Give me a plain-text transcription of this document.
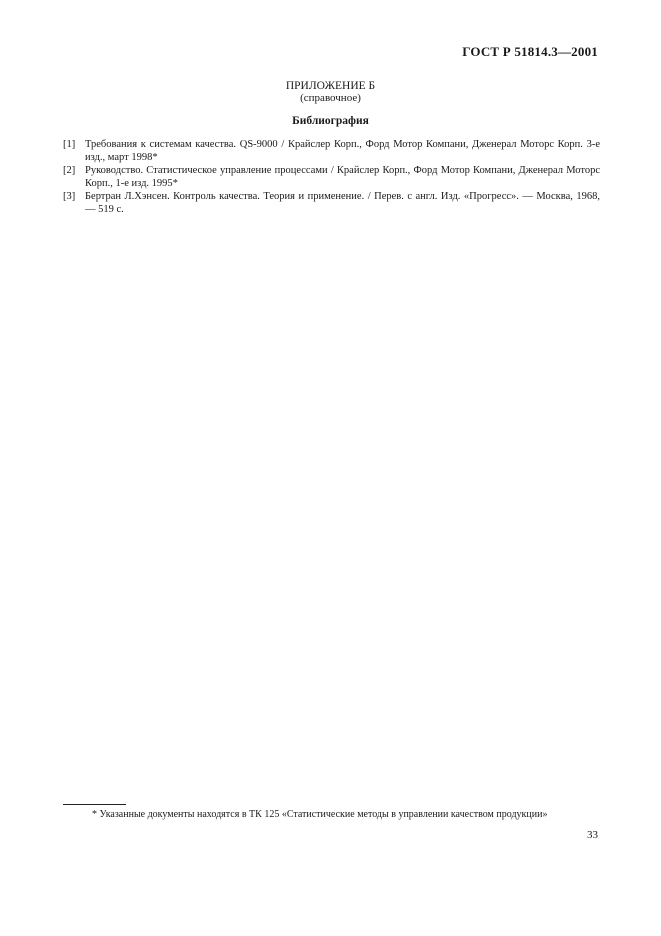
ГОСТ Р 51814.3—2001
ПРИЛОЖЕНИЕ Б
(справочное)
Библиография
[1] Требования к системам качества. QS-9000 / Крайслер Корп., Форд Мотор Компани, Дженерал Моторс Корп. 3-е изд., март 1998*
[2] Руководство. Статистическое управление процессами / Крайслер Корп., Форд Мотор Компани, Дженерал Моторс Корп., 1-е изд. 1995*
[3] Бертран Л.Хэнсен. Контроль качества. Теория и применение. / Перев. с англ. Изд. «Прогресс». — Москва, 1968, — 519 с.
* Указанные документы находятся в ТК 125 «Статистические методы в управлении качеством продукции»
33
